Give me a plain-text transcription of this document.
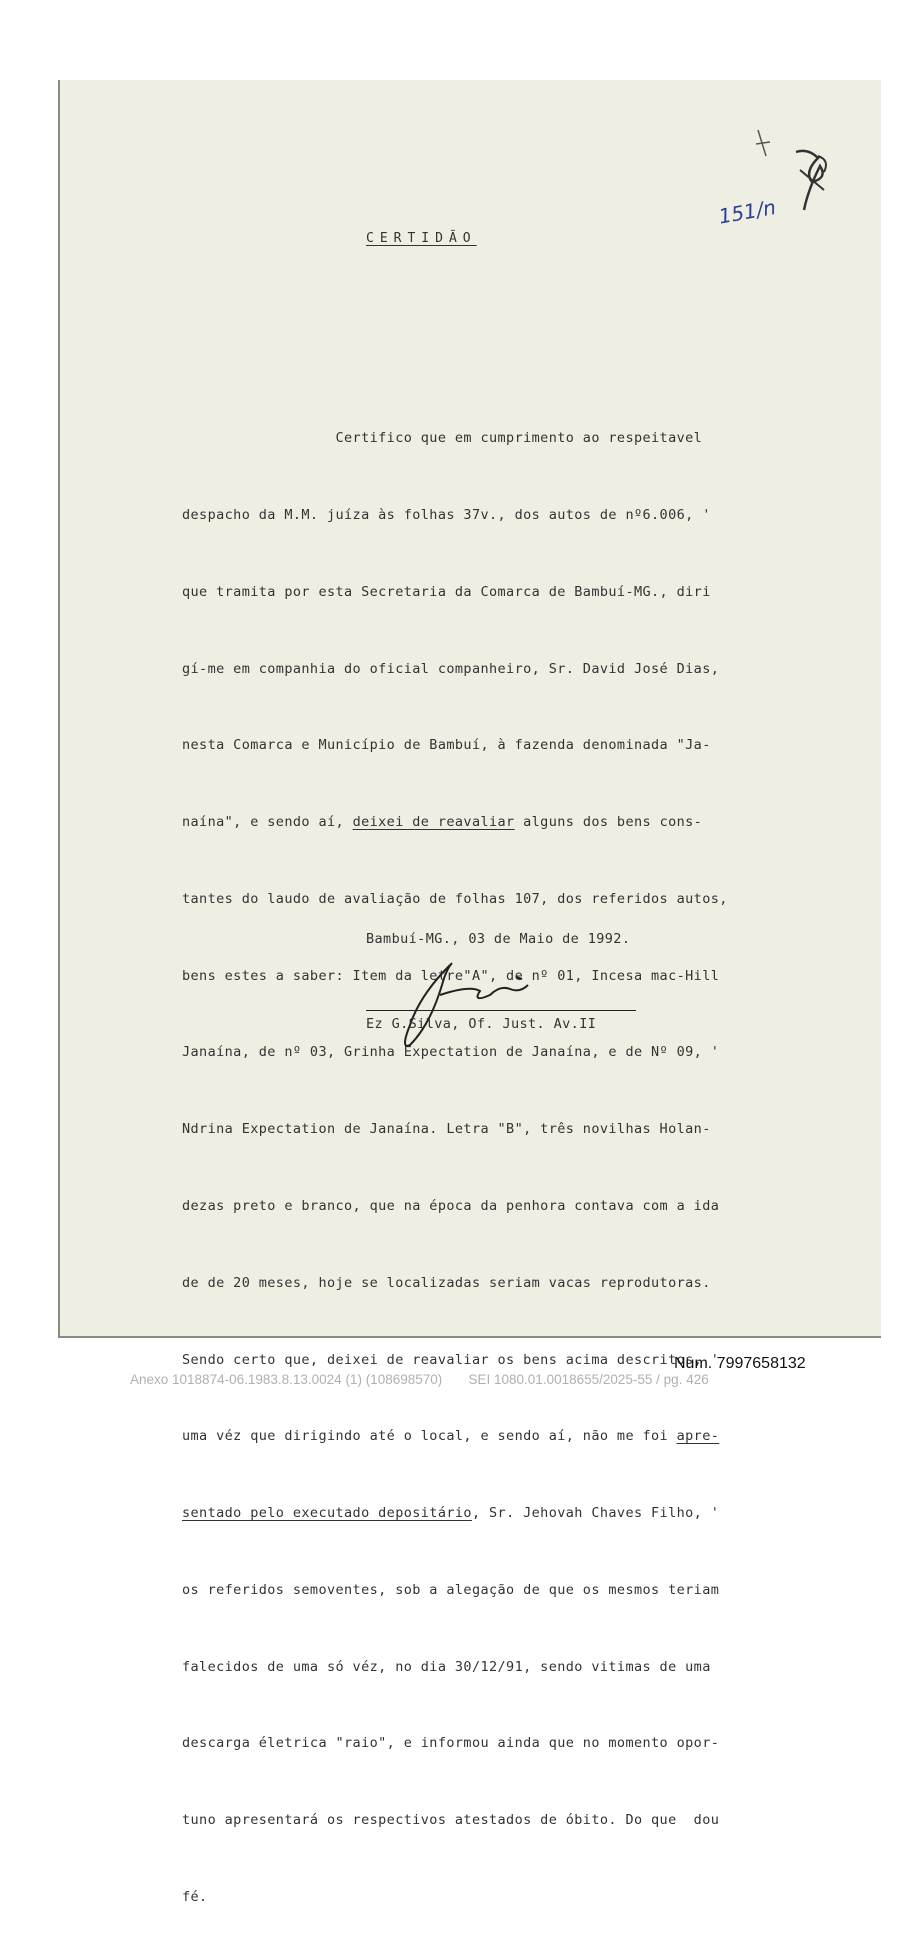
151/n
CERTIDÃO

Certifico que em cumprimento ao respeitavel

despacho da M.M. juíza às folhas 37v., dos autos de nº6.006, '

que tramita por esta Secretaria da Comarca de Bambuí-MG., diri

gí-me em companhia do oficial companheiro, Sr. David José Dias,

nesta Comarca e Município de Bambuí, à fazenda denominada "Ja-

naína", e sendo aí, deixei de reavaliar alguns dos bens cons-

tantes do laudo de avaliação de folhas 107, dos referidos autos,

bens estes a saber: Item da letre"A", de nº 01, Incesa mac-Hill

Janaína, de nº 03, Grinha Expectation de Janaína, e de Nº 09, '

Ndrina Expectation de Janaína. Letra "B", três novilhas Holan-

dezas preto e branco, que na época da penhora contava com a ida

de de 20 meses, hoje se localizadas seriam vacas reprodutoras.

Sendo certo que, deixei de reavaliar os bens acima descritos, '

uma véz que dirigindo até o local, e sendo aí, não me foi apre-

sentado pelo executado depositário, Sr. Jehovah Chaves Filho, '

os referidos semoventes, sob a alegação de que os mesmos teriam

falecidos de uma só véz, no dia 30/12/91, sendo vitimas de uma

descarga életrica "raio", e informou ainda que no momento opor-

tuno apresentará os respectivos atestados de óbito. Do que  dou

fé.

Bambuí-MG., 03 de Maio de 1992.
Ez G.Silva, Of. Just. Av.II
Num. 7997658132
Anexo 1018874-06.1983.8.13.0024 (1) (108698570)       SEI 1080.01.0018655/2025-55 / pg. 426
